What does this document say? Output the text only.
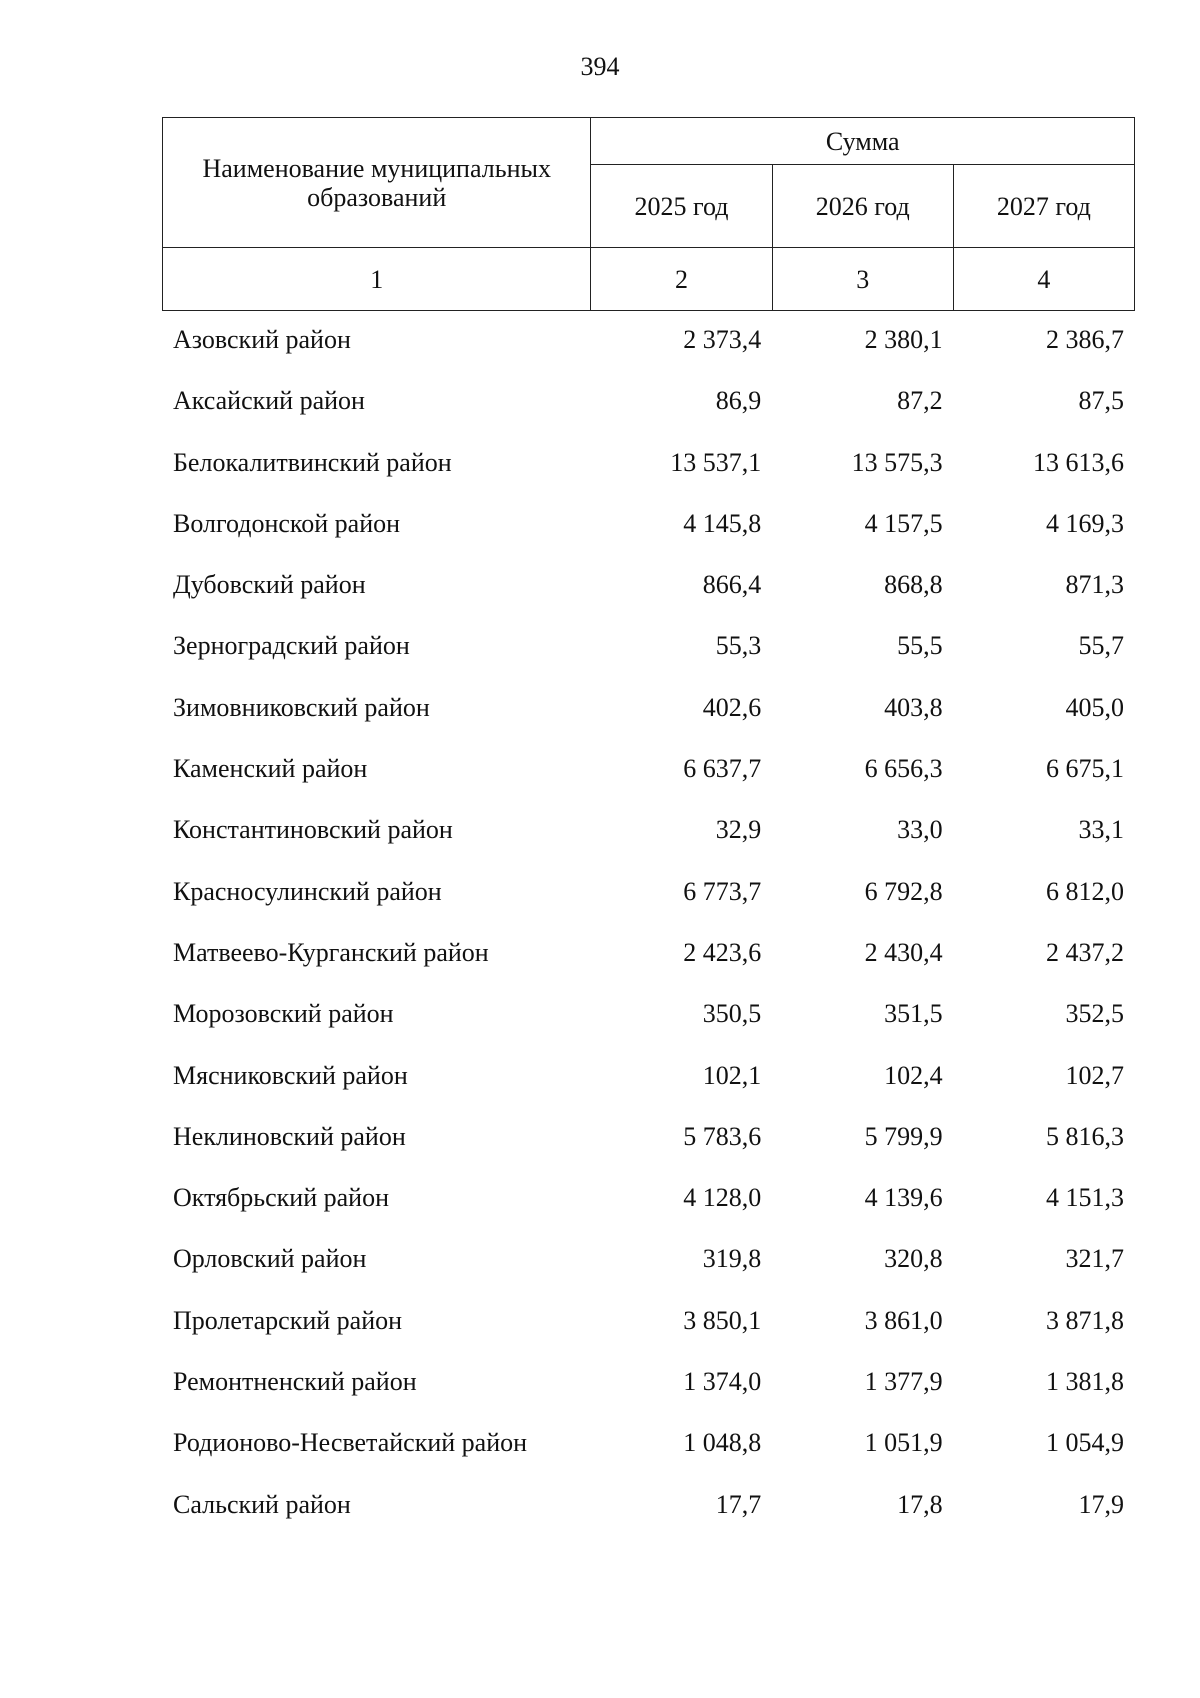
394
Наименование муниципальных образований	Сумма		
	2025 год	2026 год	2027 год
1	2	3	4
Азовский район	2 373,4	2 380,1	2 386,7
Аксайский район	86,9	87,2	87,5
Белокалитвинский район	13 537,1	13 575,3	13 613,6
Волгодонской район	4 145,8	4 157,5	4 169,3
Дубовский район	866,4	868,8	871,3
Зерноградский район	55,3	55,5	55,7
Зимовниковский район	402,6	403,8	405,0
Каменский район	6 637,7	6 656,3	6 675,1
Константиновский район	32,9	33,0	33,1
Красносулинский район	6 773,7	6 792,8	6 812,0
Матвеево-Курганский район	2 423,6	2 430,4	2 437,2
Морозовский район	350,5	351,5	352,5
Мясниковский район	102,1	102,4	102,7
Неклиновский район	5 783,6	5 799,9	5 816,3
Октябрьский район	4 128,0	4 139,6	4 151,3
Орловский район	319,8	320,8	321,7
Пролетарский район	3 850,1	3 861,0	3 871,8
Ремонтненский район	1 374,0	1 377,9	1 381,8
Родионово-Несветайский район	1 048,8	1 051,9	1 054,9
Сальский район	17,7	17,8	17,9
